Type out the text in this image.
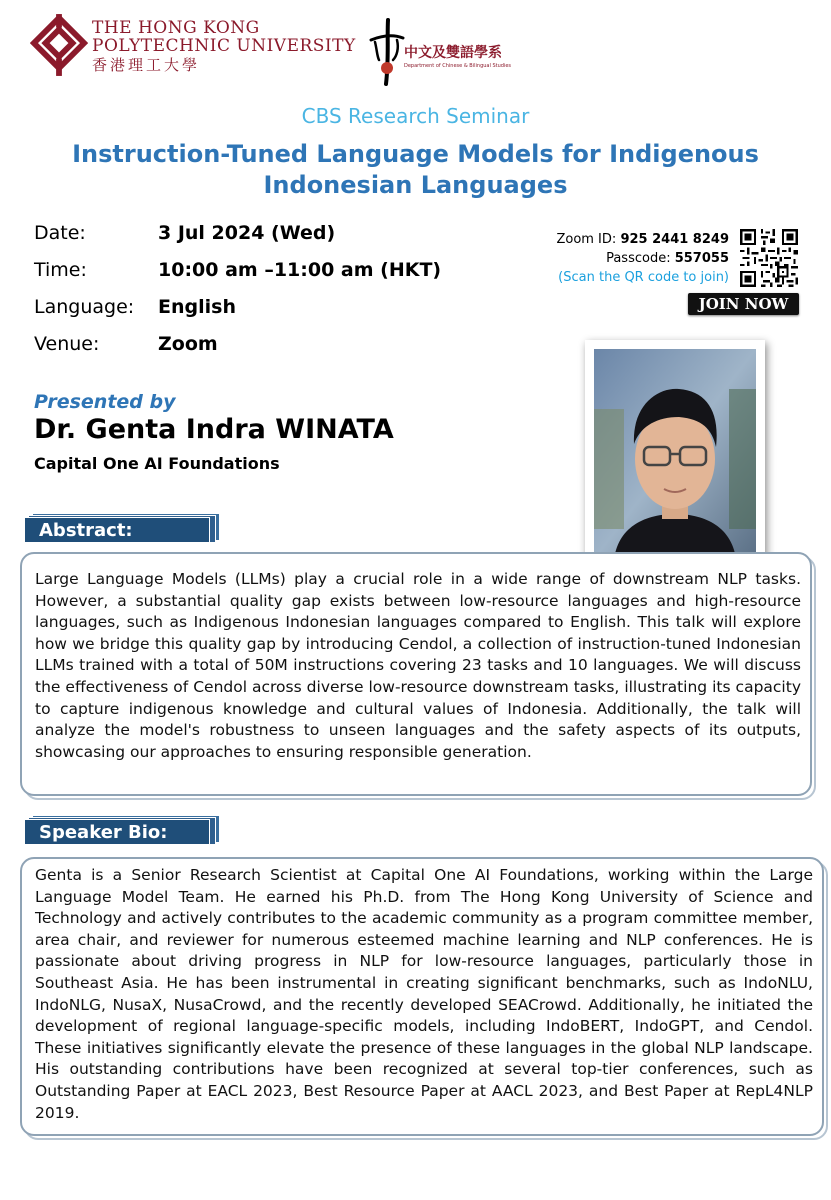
THE HONG KONG
POLYTECHNIC UNIVERSITY
香港理工大學
中文及雙語學系
Department of Chinese & Bilingual Studies
CBS Research Seminar
Instruction-Tuned Language Models for Indigenous Indonesian Languages
Date:	3 Jul 2024 (Wed)
Time:	10:00 am –11:00 am (HKT)
Language: English
Venue:	Zoom
Zoom ID: 925 2441 8249
Passcode: 557055
(Scan the QR code to join)
JOIN NOW
Presented by
Dr. Genta Indra WINATA
Capital One AI Foundations
Abstract:
Large Language Models (LLMs) play a crucial role in a wide range of downstream NLP tasks. However, a substantial quality gap exists between low-resource languages and high-resource languages, such as Indigenous Indonesian languages compared to English. This talk will explore how we bridge this quality gap by introducing Cendol, a collection of instruction-tuned Indonesian LLMs trained with a total of 50M instructions covering 23 tasks and 10 languages. We will discuss the effectiveness of Cendol across diverse low-resource downstream tasks, illustrating its capacity to capture indigenous knowledge and cultural values of Indonesia. Additionally, the talk will analyze the model's robustness to unseen languages and the safety aspects of its outputs, showcasing our approaches to ensuring responsible generation.
Speaker Bio:
Genta is a Senior Research Scientist at Capital One AI Foundations, working within the Large Language Model Team. He earned his Ph.D. from The Hong Kong University of Science and Technology and actively contributes to the academic community as a program committee member, area chair, and reviewer for numerous esteemed machine learning and NLP conferences. He is passionate about driving progress in NLP for low-resource languages, particularly those in Southeast Asia. He has been instrumental in creating significant benchmarks, such as IndoNLU, IndoNLG, NusaX, NusaCrowd, and the recently developed SEACrowd. Additionally, he initiated the development of regional language-specific models, including IndoBERT, IndoGPT, and Cendol. These initiatives significantly elevate the presence of these languages in the global NLP landscape. His outstanding contributions have been recognized at several top-tier conferences, such as Outstanding Paper at EACL 2023, Best Resource Paper at AACL 2023, and Best Paper at RepL4NLP 2019.
